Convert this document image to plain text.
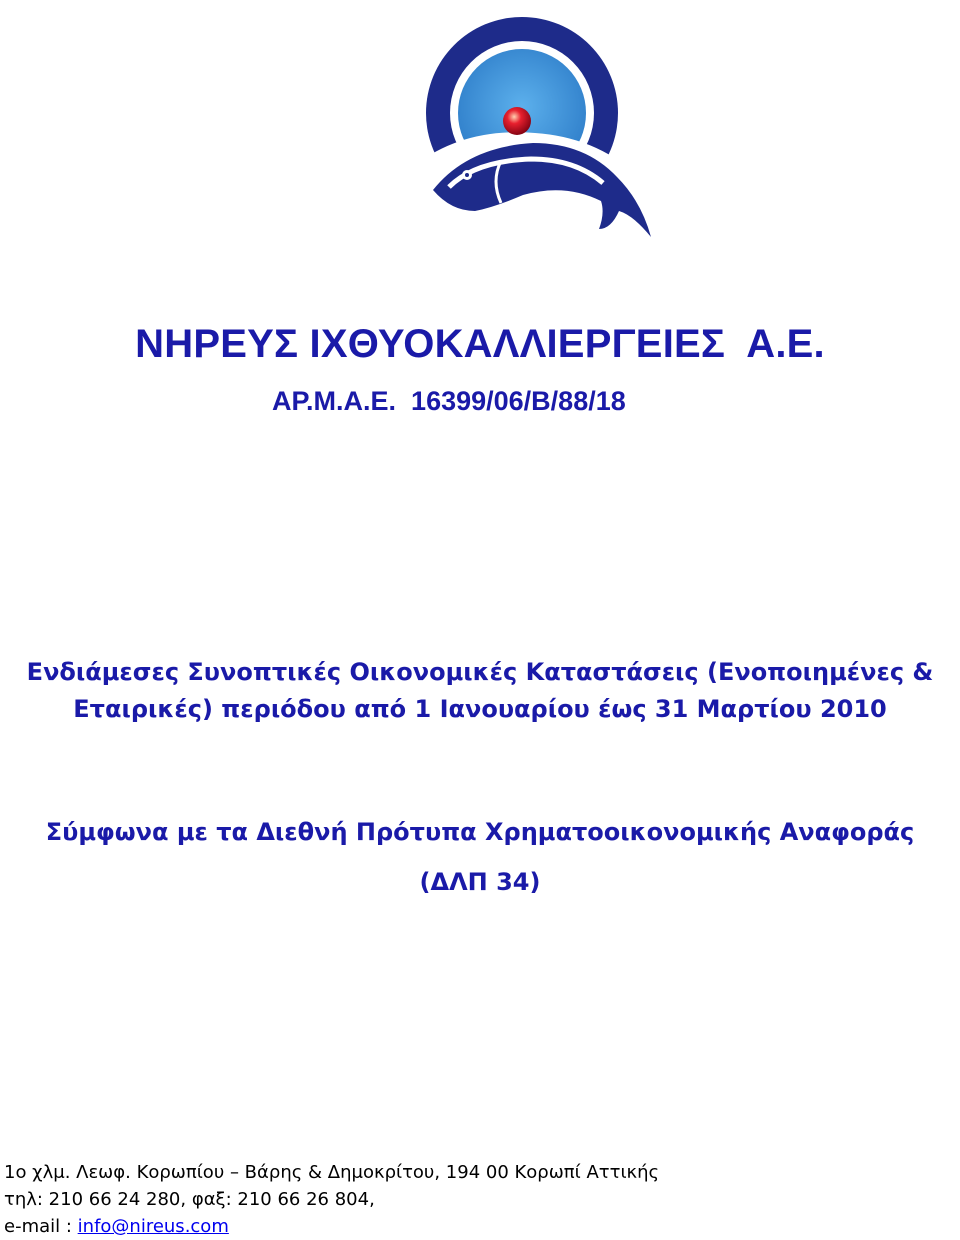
ΝΗΡΕΥΣ ΙΧΘΥΟΚΑΛΛΙΕΡΓΕΙΕΣ  Α.Ε.
ΑΡ.Μ.Α.Ε.  16399/06/Β/88/18
Ενδιάμεσες Συνοπτικές Οικονομικές Καταστάσεις (Ενοποιημένες &
Εταιρικές) περιόδου από 1 Ιανουαρίου έως 31 Μαρτίου 2010
Σύμφωνα με τα Διεθνή Πρότυπα Χρηματοοικονομικής Αναφοράς
(ΔΛΠ 34)
1ο χλμ. Λεωφ. Κορωπίου – Βάρης & Δημοκρίτου, 194 00 Κορωπί Αττικής
τηλ: 210 66 24 280, φαξ: 210 66 26 804,
e-mail : info@nireus.com
